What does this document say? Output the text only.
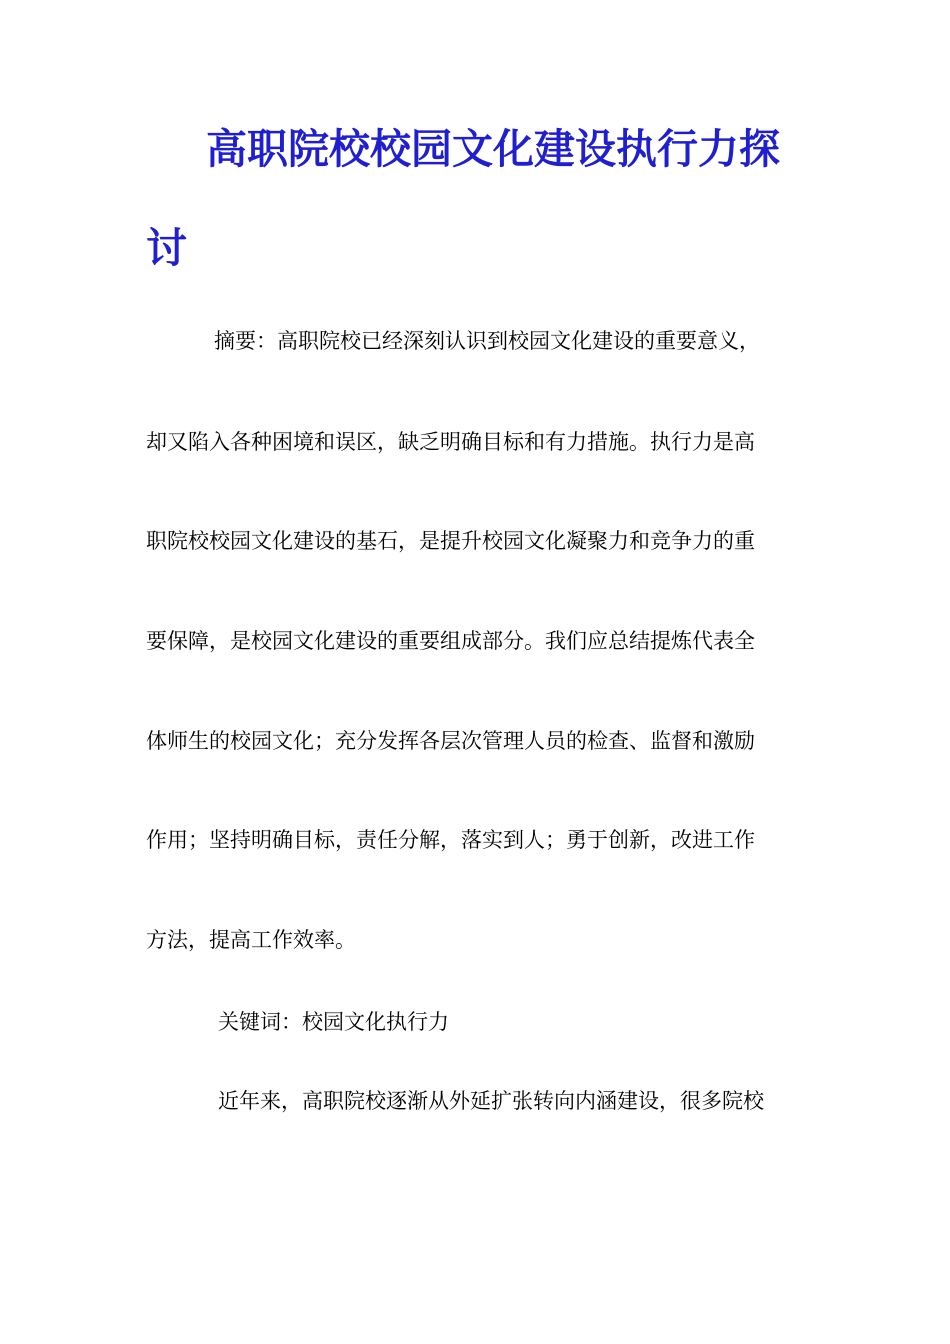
高职院校校园文化建设执行力探
讨
摘要：高职院校已经深刻认识到校园文化建设的重要意义，
却又陷入各种困境和误区，缺乏明确目标和有力措施。执行力是高
职院校校园文化建设的基石，是提升校园文化凝聚力和竞争力的重
要保障，是校园文化建设的重要组成部分。我们应总结提炼代表全
体师生的校园文化；充分发挥各层次管理人员的检查、监督和激励
作用；坚持明确目标，责任分解，落实到人；勇于创新，改进工作
方法，提高工作效率。
关键词：校园文化执行力
近年来，高职院校逐渐从外延扩张转向内涵建设，很多院校
